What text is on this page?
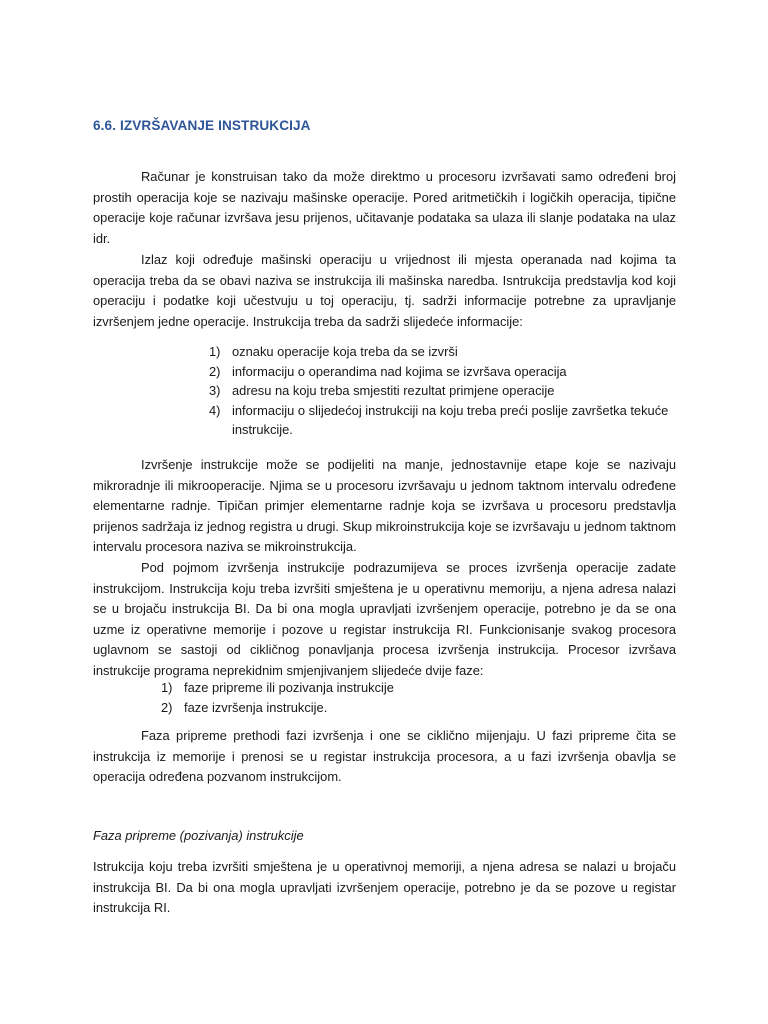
6.6. IZVRŠAVANJE INSTRUKCIJA

Računar je konstruisan tako da može direktmo u procesoru izvršavati samo određeni broj prostih operacija koje se nazivaju mašinske operacije. Pored aritmetičkih i logičkih operacija, tipične operacije koje računar izvršava jesu prijenos, učitavanje podataka sa ulaza ili slanje podataka na ulaz idr.

Izlaz koji određuje mašinski operaciju u vrijednost ili mjesta operanada nad kojima ta operacija treba da se obavi naziva se instrukcija ili mašinska naredba. Isntrukcija predstavlja kod koji operaciju i podatke koji učestvuju u toj operaciju, tj. sadrži informacije potrebne za upravljanje izvršenjem jedne operacije. Instrukcija treba da sadrži slijedeće informacije:

1) oznaku operacije koja treba da se izvrši
2) informaciju o operandima nad kojima se izvršava operacija
3) adresu na koju treba smjestiti rezultat primjene operacije
4) informaciju o slijedećoj instrukciji na koju treba preći poslije završetka tekuće instrukcije.

Izvršenje instrukcije može se podijeliti na manje, jednostavnije etape koje se nazivaju mikroradnje ili mikrooperacije. Njima se u procesoru izvršavaju u jednom taktnom intervalu određene elementarne radnje. Tipičan primjer elementarne radnje koja se izvršava u procesoru predstavlja prijenos sadržaja iz jednog registra u drugi. Skup mikroinstrukcija koje se izvršavaju u jednom taktnom intervalu procesora naziva se mikroinstrukcija.

Pod pojmom izvršenja instrukcije podrazumijeva se proces izvršenja operacije zadate instrukcijom. Instrukcija koju treba izvršiti smještena je u operativnu memoriju, a njena adresa nalazi se u brojaču instrukcija BI. Da bi ona mogla upravljati izvršenjem operacije, potrebno je da se ona uzme iz operativne memorije i pozove u registar instrukcija RI. Funkcionisanje svakog procesora uglavnom se sastoji od cikličnog ponavljanja procesa izvršenja instrukcija. Procesor izvršava instrukcije programa neprekidnim smjenjivanjem slijedeće dvije faze:

1) faze pripreme ili pozivanja instrukcije
2) faze izvršenja instrukcije.

Faza pripreme prethodi fazi izvršenja i one se ciklično mijenjaju. U fazi pripreme čita se instrukcija iz memorije i prenosi se u registar instrukcija procesora, a u fazi izvršenja obavlja se operacija određena pozvanom instrukcijom.

Faza pripreme (pozivanja) instrukcije

Istrukcija koju treba izvršiti smještena je u operativnoj memoriji, a njena adresa se nalazi u brojaču instrukcija BI. Da bi ona mogla upravljati izvršenjem operacije, potrebno je da se pozove u registar instrukcija RI.
